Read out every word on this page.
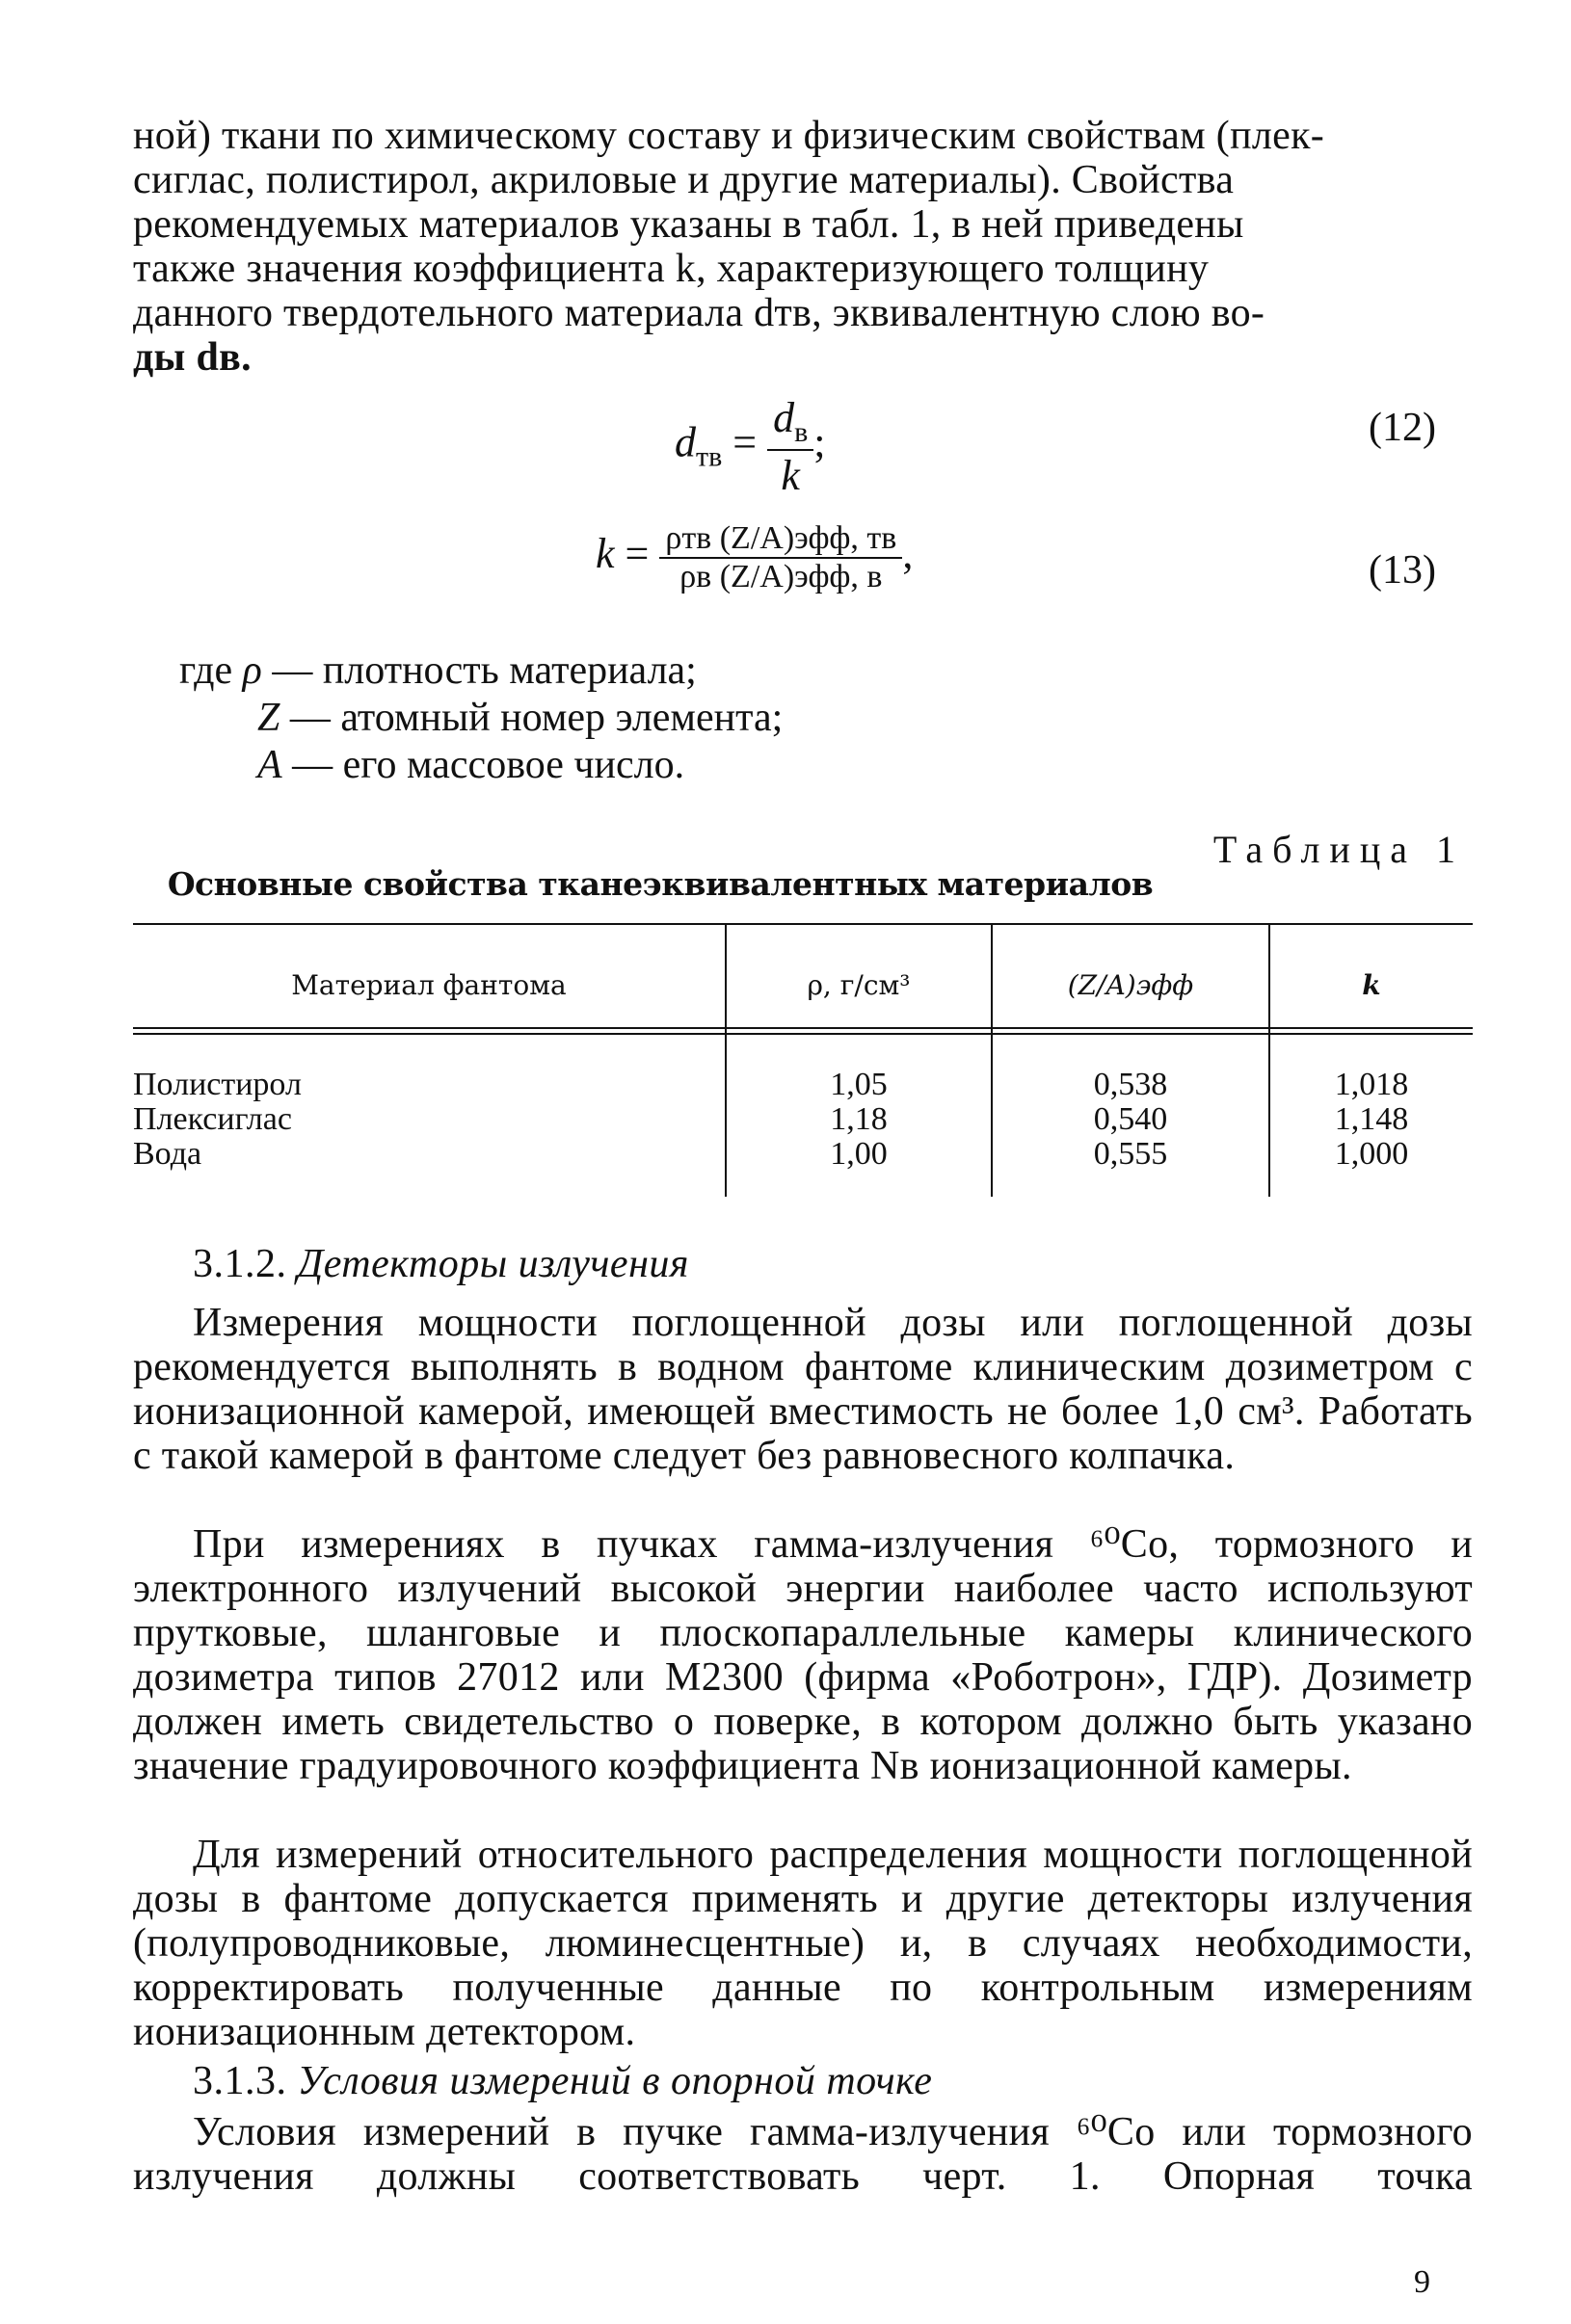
ной) ткани по химическому составу и физическим свойствам (плек-

сиглас, полистирол, акриловые и другие материалы). Свойства

рекомендуемых материалов указаны в табл. 1, в ней приведены

также значения коэффициента k, характеризующего толщину

данного твердотельного материала dтв, эквивалентную слою во-

ды dв.

$d_{тв} = \frac{d_в}{k}$ ;	(12)
$k = \frac{\text{ρтв (Z/A)эфф, тв}}{\text{ρв (Z/A)эфф, в}}$ ,	(13)
где ρ — плотность материала;
Z — атомный номер элемента;
A — его массовое число.
Таблица 1
Основные свойства тканеэквивалентных материалов
Материал фантома	ρ, г/см³	(Z/A)эфф	k
Полистирол	1,05	0,538	1,018
Плексиглас	1,18	0,540	1,148
Вода	1,00	0,555	1,000
3.1.2. Детекторы излучения

Измерения мощности поглощенной дозы или поглощенной дозы рекомендуется выполнять в водном фантоме клиническим дозиметром с ионизационной камерой, имеющей вместимость не более 1,0 см³. Работать с такой камерой в фантоме следует без равновесного колпачка.

При измерениях в пучках гамма-излучения ⁶⁰Со, тормозного и электронного излучений высокой энергии наиболее часто используют прутковые, шланговые и плоскопараллельные камеры клинического дозиметра типов 27012 или М2300 (фирма «Роботрон», ГДР). Дозиметр должен иметь свидетельство о поверке, в котором должно быть указано значение градуировочного коэффициента Nв ионизационной камеры.

Для измерений относительного распределения мощности поглощенной дозы в фантоме допускается применять и другие детекторы излучения (полупроводниковые, люминесцентные) и, в случаях необходимости, корректировать полученные данные по контрольным измерениям ионизационным детектором.

3.1.3. Условия измерений в опорной точке

Условия измерений в пучке гамма-излучения ⁶⁰Со или тормозного излучения должны соответствовать черт. 1. Опорная точка

9
